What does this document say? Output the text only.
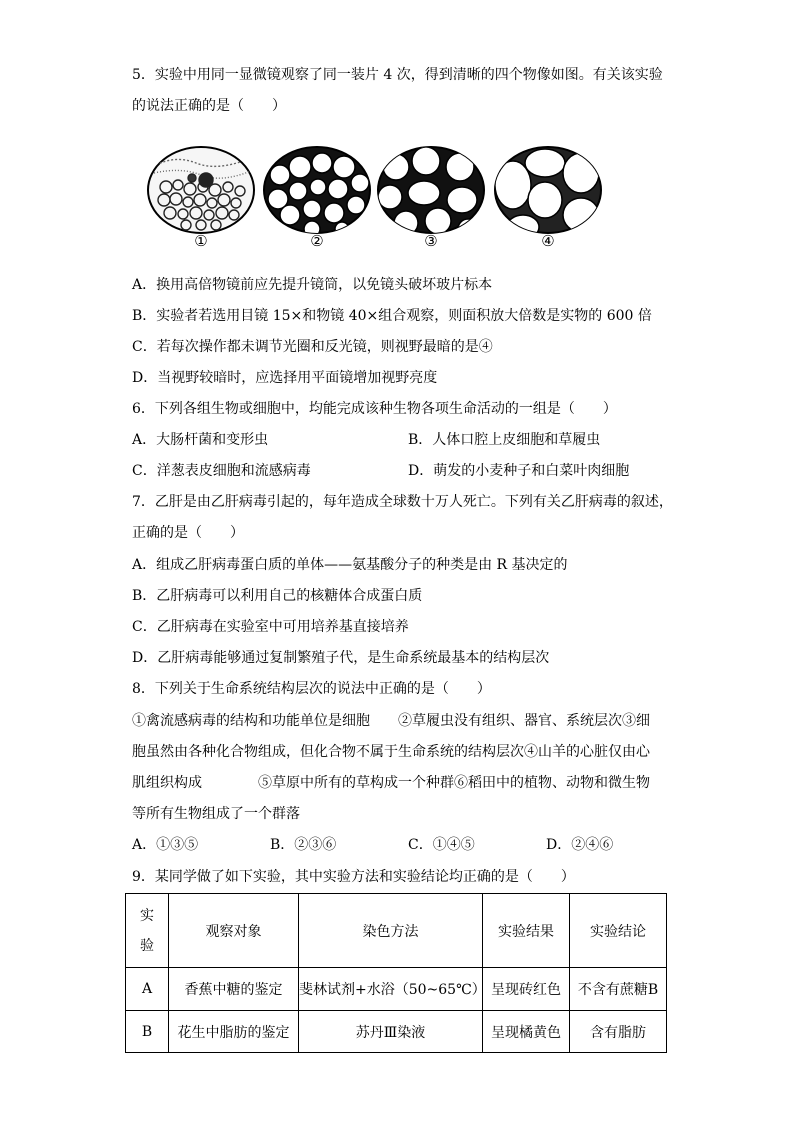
5．实验中用同一显微镜观察了同一装片 4 次，得到清晰的四个物像如图。有关该实验
的说法正确的是（　　）
①	②	③	④
A．换用高倍物镜前应先提升镜筒，以免镜头破坏玻片标本
B．实验者若选用目镜 15×和物镜 40×组合观察，则面积放大倍数是实物的 600 倍
C．若每次操作都未调节光圈和反光镜，则视野最暗的是④
D．当视野较暗时，应选择用平面镜增加视野亮度
6．下列各组生物或细胞中，均能完成该种生物各项生命活动的一组是（　　）
A．大肠杆菌和变形虫	B．人体口腔上皮细胞和草履虫
C．洋葱表皮细胞和流感病毒	D．萌发的小麦种子和白菜叶肉细胞
7．乙肝是由乙肝病毒引起的，每年造成全球数十万人死亡。下列有关乙肝病毒的叙述，
正确的是（　　）
A．组成乙肝病毒蛋白质的单体——氨基酸分子的种类是由 R 基决定的
B．乙肝病毒可以利用自己的核糖体合成蛋白质
C．乙肝病毒在实验室中可用培养基直接培养
D．乙肝病毒能够通过复制繁殖子代，是生命系统最基本的结构层次
8．下列关于生命系统结构层次的说法中正确的是（　　）
①禽流感病毒的结构和功能单位是细胞　　②草履虫没有组织、器官、系统层次③细
胞虽然由各种化合物组成，但化合物不属于生命系统的结构层次④山羊的心脏仅由心
肌组织构成　　　　⑤草原中所有的草构成一个种群⑥稻田中的植物、动物和微生物
等所有生物组成了一个群落
A．①③⑤	B．②③⑥	C．①④⑤	D．②④⑥
9．某同学做了如下实验，其中实验方法和实验结论均正确的是（　　）
实
验	观察对象	染色方法	实验结果	实验结论
A	香蕉中糖的鉴定	斐林试剂+水浴（50~65℃）	呈现砖红色	不含有蔗糖B
B	花生中脂肪的鉴定	苏丹Ⅲ染液	呈现橘黄色	含有脂肪
